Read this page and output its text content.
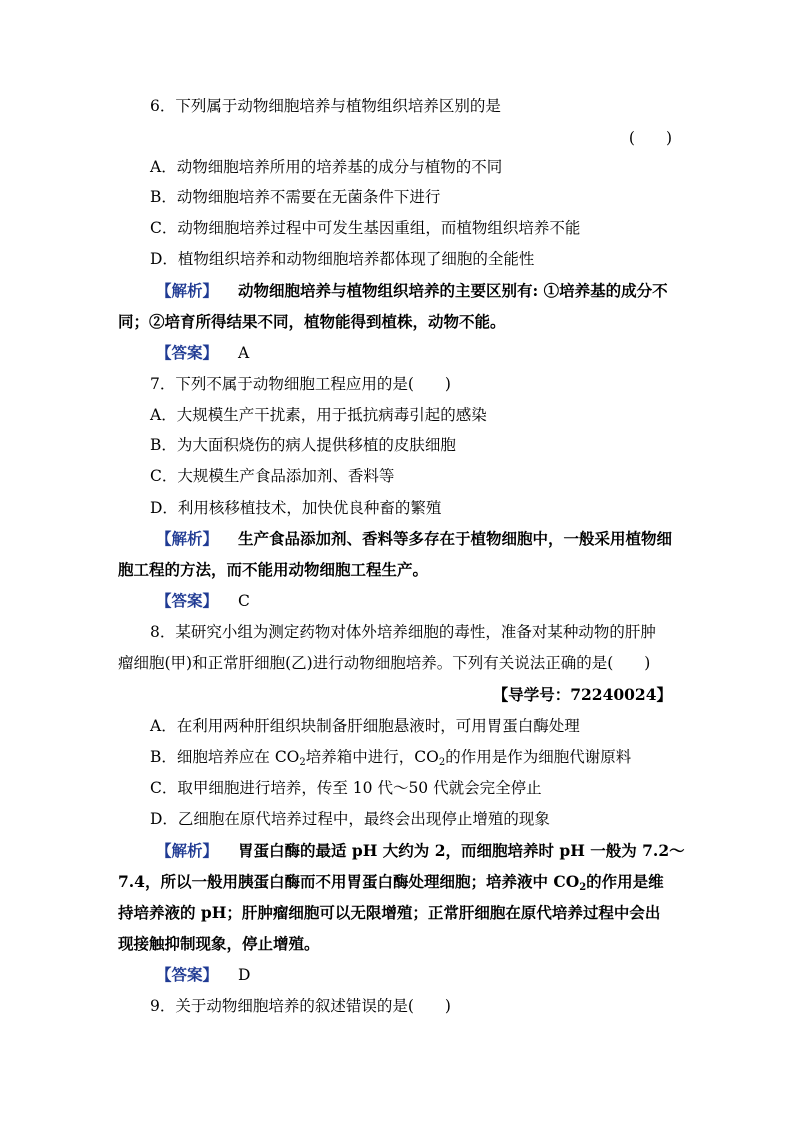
6．下列属于动物细胞培养与植物组织培养区别的是
(　　)
A．动物细胞培养所用的培养基的成分与植物的不同
B．动物细胞培养不需要在无菌条件下进行
C．动物细胞培养过程中可发生基因重组，而植物组织培养不能
D．植物组织培养和动物细胞培养都体现了细胞的全能性
【解析】 动物细胞培养与植物组织培养的主要区别有: ①培养基的成分不
同；②培育所得结果不同，植物能得到植株，动物不能。
【答案】 A
7．下列不属于动物细胞工程应用的是(　　)
A．大规模生产干扰素，用于抵抗病毒引起的感染
B．为大面积烧伤的病人提供移植的皮肤细胞
C．大规模生产食品添加剂、香料等
D．利用核移植技术，加快优良种畜的繁殖
【解析】 生产食品添加剂、香料等多存在于植物细胞中，一般采用植物细
胞工程的方法，而不能用动物细胞工程生产。
【答案】 C
8．某研究小组为测定药物对体外培养细胞的毒性，准备对某种动物的肝肿
瘤细胞(甲)和正常肝细胞(乙)进行动物细胞培养。下列有关说法正确的是(　　)
【导学号：72240024】
A．在利用两种肝组织块制备肝细胞悬液时，可用胃蛋白酶处理
B．细胞培养应在 $CO_2$培养箱中进行，$CO_2$的作用是作为细胞代谢原料
C．取甲细胞进行培养，传至 10 代～50 代就会完全停止
D．乙细胞在原代培养过程中，最终会出现停止增殖的现象
【解析】 胃蛋白酶的最适 pH 大约为 2，而细胞培养时 pH 一般为 7.2～
7.4，所以一般用胰蛋白酶而不用胃蛋白酶处理细胞；培养液中 $CO_2$的作用是维
持培养液的 pH；肝肿瘤细胞可以无限增殖；正常肝细胞在原代培养过程中会出
现接触抑制现象，停止增殖。
【答案】 D
9．关于动物细胞培养的叙述错误的是(　　)
